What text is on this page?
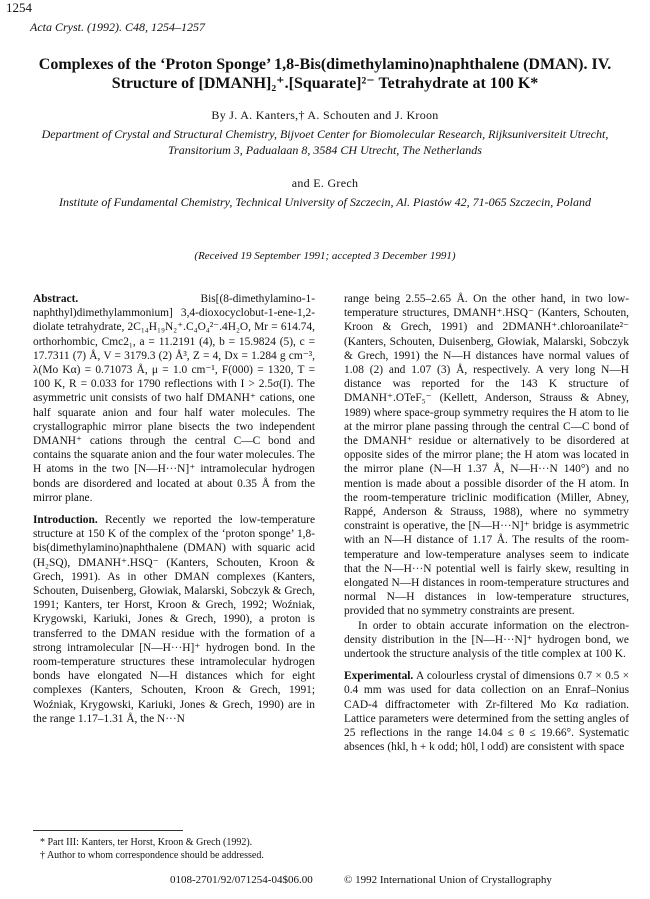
1254
Acta Cryst. (1992). C48, 1254–1257
Complexes of the ‘Proton Sponge’ 1,8-Bis(dimethylamino)naphthalene (DMAN). IV.
Structure of [DMANH]₂⁺.[Squarate]²⁻ Tetrahydrate at 100 K*
By J. A. Kanters,† A. Schouten and J. Kroon
Department of Crystal and Structural Chemistry, Bijvoet Center for Biomolecular Research, Rijksuniversiteit Utrecht, Transitorium 3, Padualaan 8, 3584 CH Utrecht, The Netherlands
and E. Grech
Institute of Fundamental Chemistry, Technical University of Szczecin, Al. Piastów 42, 71-065 Szczecin, Poland
(Received 19 September 1991; accepted 3 December 1991)

Abstract.	Bis[(8-dimethylamino-1-naphthyl)dimethylammonium] 3,4-dioxocyclobut-1-ene-1,2-diolate tetrahydrate, 2C₁₄H₁₉N₂⁺.C₄O₄²⁻.4H₂O, Mr = 614.74, orthorhombic, Cmc2₁, a = 11.2191 (4), b = 15.9824 (5), c = 17.7311 (7) Å, V = 3179.3 (2) Å³, Z = 4, Dx = 1.284 g cm⁻³, λ(Mo Kα) = 0.71073 Å, μ = 1.0 cm⁻¹, F(000) = 1320, T = 100 K, R = 0.033 for 1790 reflections with I > 2.5σ(I). The asymmetric unit consists of two half DMANH⁺ cations, one half squarate anion and four half water molecules. The crystallographic mirror plane bisects the two independent DMANH⁺ cations through the central C—C bond and contains the squarate anion and the four water molecules. The H atoms in the two [N—H···N]⁺ intramolecular hydrogen bonds are disordered and located at about 0.35 Å from the mirror plane.

Introduction. Recently we reported the low-temperature structure at 150 K of the complex of the ‘proton sponge’ 1,8-bis(dimethylamino)naphthalene (DMAN) with squaric acid (H₂SQ), DMANH⁺.HSQ⁻ (Kanters, Schouten, Kroon & Grech, 1991). As in other DMAN complexes (Kanters, Schouten, Duisenberg, Głowiak, Malarski, Sobczyk & Grech, 1991; Kanters, ter Horst, Kroon & Grech, 1992; Woźniak, Krygowski, Kariuki, Jones & Grech, 1990), a proton is transferred to the DMAN residue with the formation of a strong intramolecular [N—H···H]⁺ hydrogen bond. In the room-temperature structures these intramolecular hydrogen bonds have elongated N—H distances which for eight complexes (Kanters, Schouten, Kroon & Grech, 1991; Woźniak, Krygowski, Kariuki, Jones & Grech, 1990) are in the range 1.17–1.31 Å, the N···N

* Part III: Kanters, ter Horst, Kroon & Grech (1992).
† Author to whom correspondence should be addressed.
0108-2701/92/071254-04$06.00

range being 2.55–2.65 Å. On the other hand, in two low-temperature structures, DMANH⁺.HSQ⁻ (Kanters, Schouten, Kroon & Grech, 1991) and 2DMANH⁺.chloroanilate²⁻ (Kanters, Schouten, Duisenberg, Głowiak, Malarski, Sobczyk & Grech, 1991) the N—H distances have normal values of 1.08 (2) and 1.07 (3) Å, respectively. A very long N—H distance was reported for the 143 K structure of DMANH⁺.OTeF₅⁻ (Kellett, Anderson, Strauss & Abney, 1989) where space-group symmetry requires the H atom to lie at the mirror plane passing through the central C—C bond of the DMANH⁺ residue or alternatively to be disordered at opposite sides of the mirror plane; the H atom was located in the mirror plane (N—H 1.37 Å, N—H···N 140°) and no mention is made about a possible disorder of the H atom. In the room-temperature triclinic modification (Miller, Abney, Rappé, Anderson & Strauss, 1988), where no symmetry constraint is operative, the [N—H···N]⁺ bridge is asymmetric with an N—H distance of 1.17 Å. The results of the room-temperature and low-temperature analyses seem to indicate that the N—H···N potential well is fairly skew, resulting in elongated N—H distances in room-temperature structures and normal N—H distances in low-temperature structures, provided that no symmetry constraints are present.

In order to obtain accurate information on the electron-density distribution in the [N—H···N]⁺ hydrogen bond, we undertook the structure analysis of the title complex at 100 K.

Experimental. A colourless crystal of dimensions 0.7 × 0.5 × 0.4 mm was used for data collection on an Enraf–Nonius CAD-4 diffractometer with Zr-filtered Mo Kα radiation. Lattice parameters were determined from the setting angles of 25 reflections in the range 14.04 ≤ θ ≤ 19.66°. Systematic absences (hkl, h + k odd; h0l, l odd) are consistent with space

© 1992 International Union of Crystallography
